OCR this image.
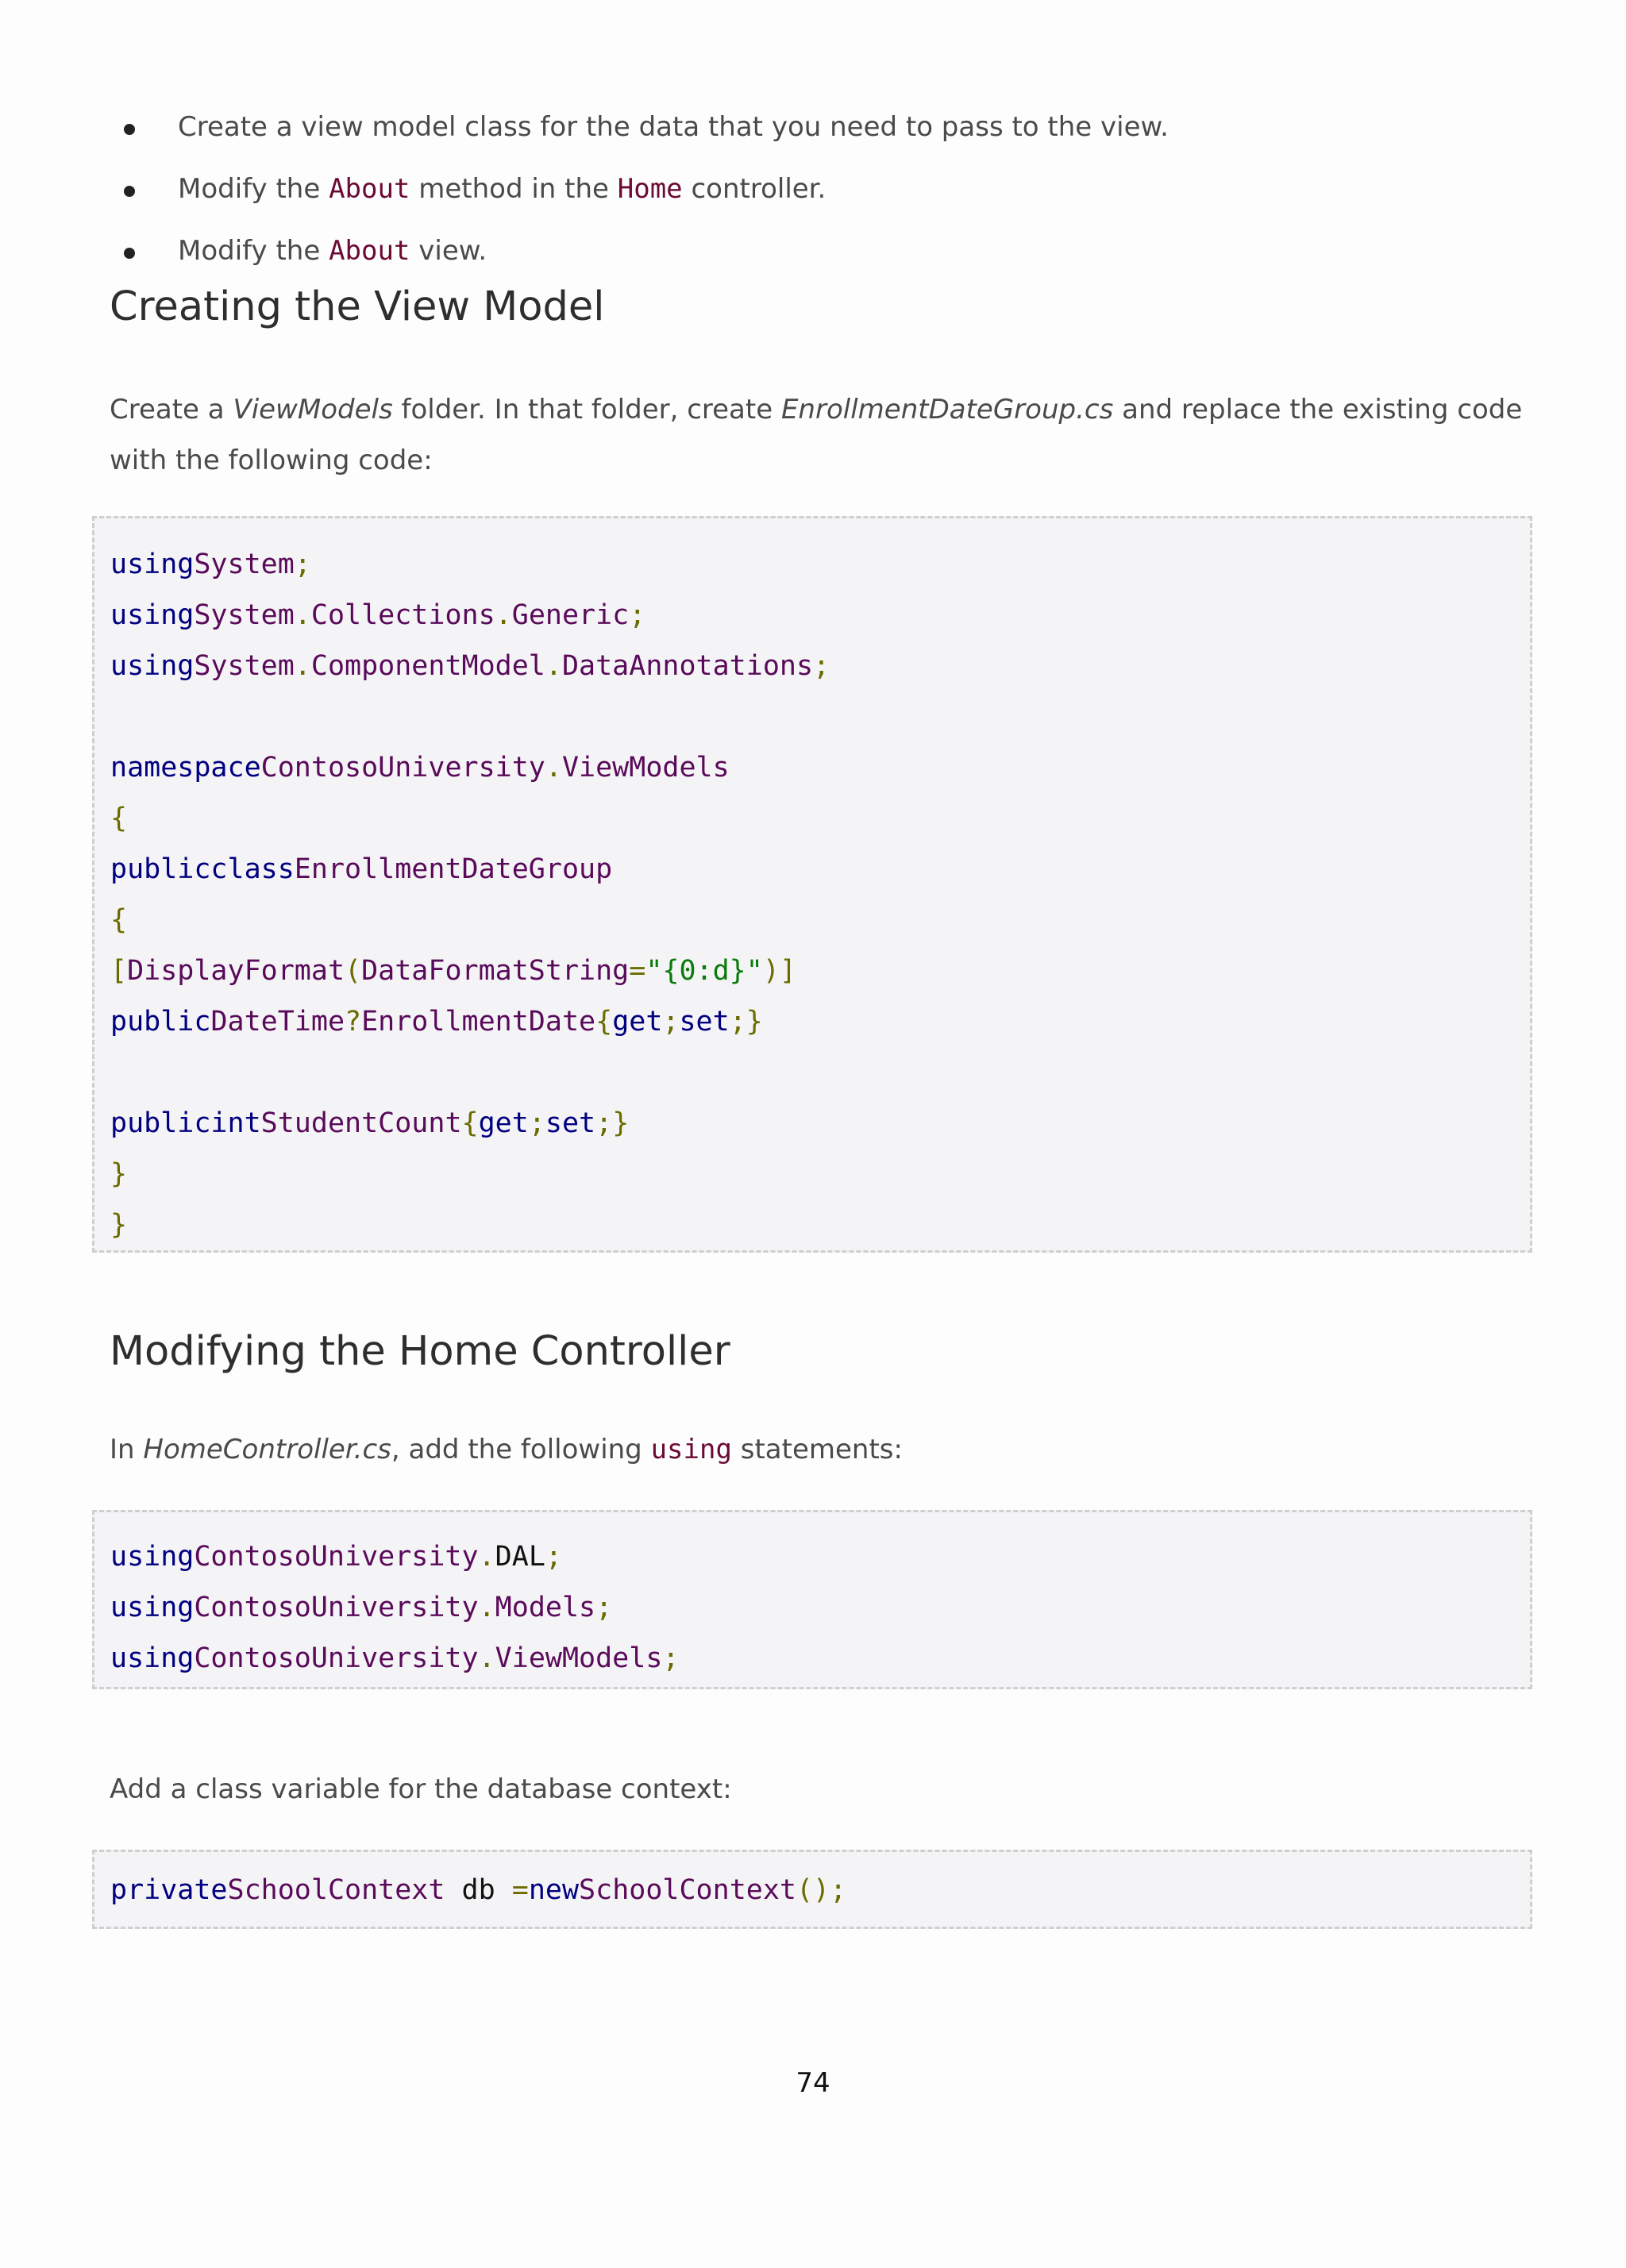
Create a view model class for the data that you need to pass to the view.
Modify the About method in the Home controller.
Modify the About view.
Creating the View Model

Create a ViewModels folder. In that folder, create EnrollmentDateGroup.cs and replace the existing code with the following code:

usingSystem;
usingSystem.Collections.Generic;
usingSystem.ComponentModel.DataAnnotations;

namespaceContosoUniversity.ViewModels
{
publicclassEnrollmentDateGroup
{
[DisplayFormat(DataFormatString="{0:d}")]
publicDateTime?EnrollmentDate{get;set;}

publicintStudentCount{get;set;}
}
}
Modifying the Home Controller

In HomeController.cs, add the following using statements:

usingContosoUniversity.DAL;
usingContosoUniversity.Models;
usingContosoUniversity.ViewModels;

Add a class variable for the database context:

privateSchoolContext db =newSchoolContext();
74
